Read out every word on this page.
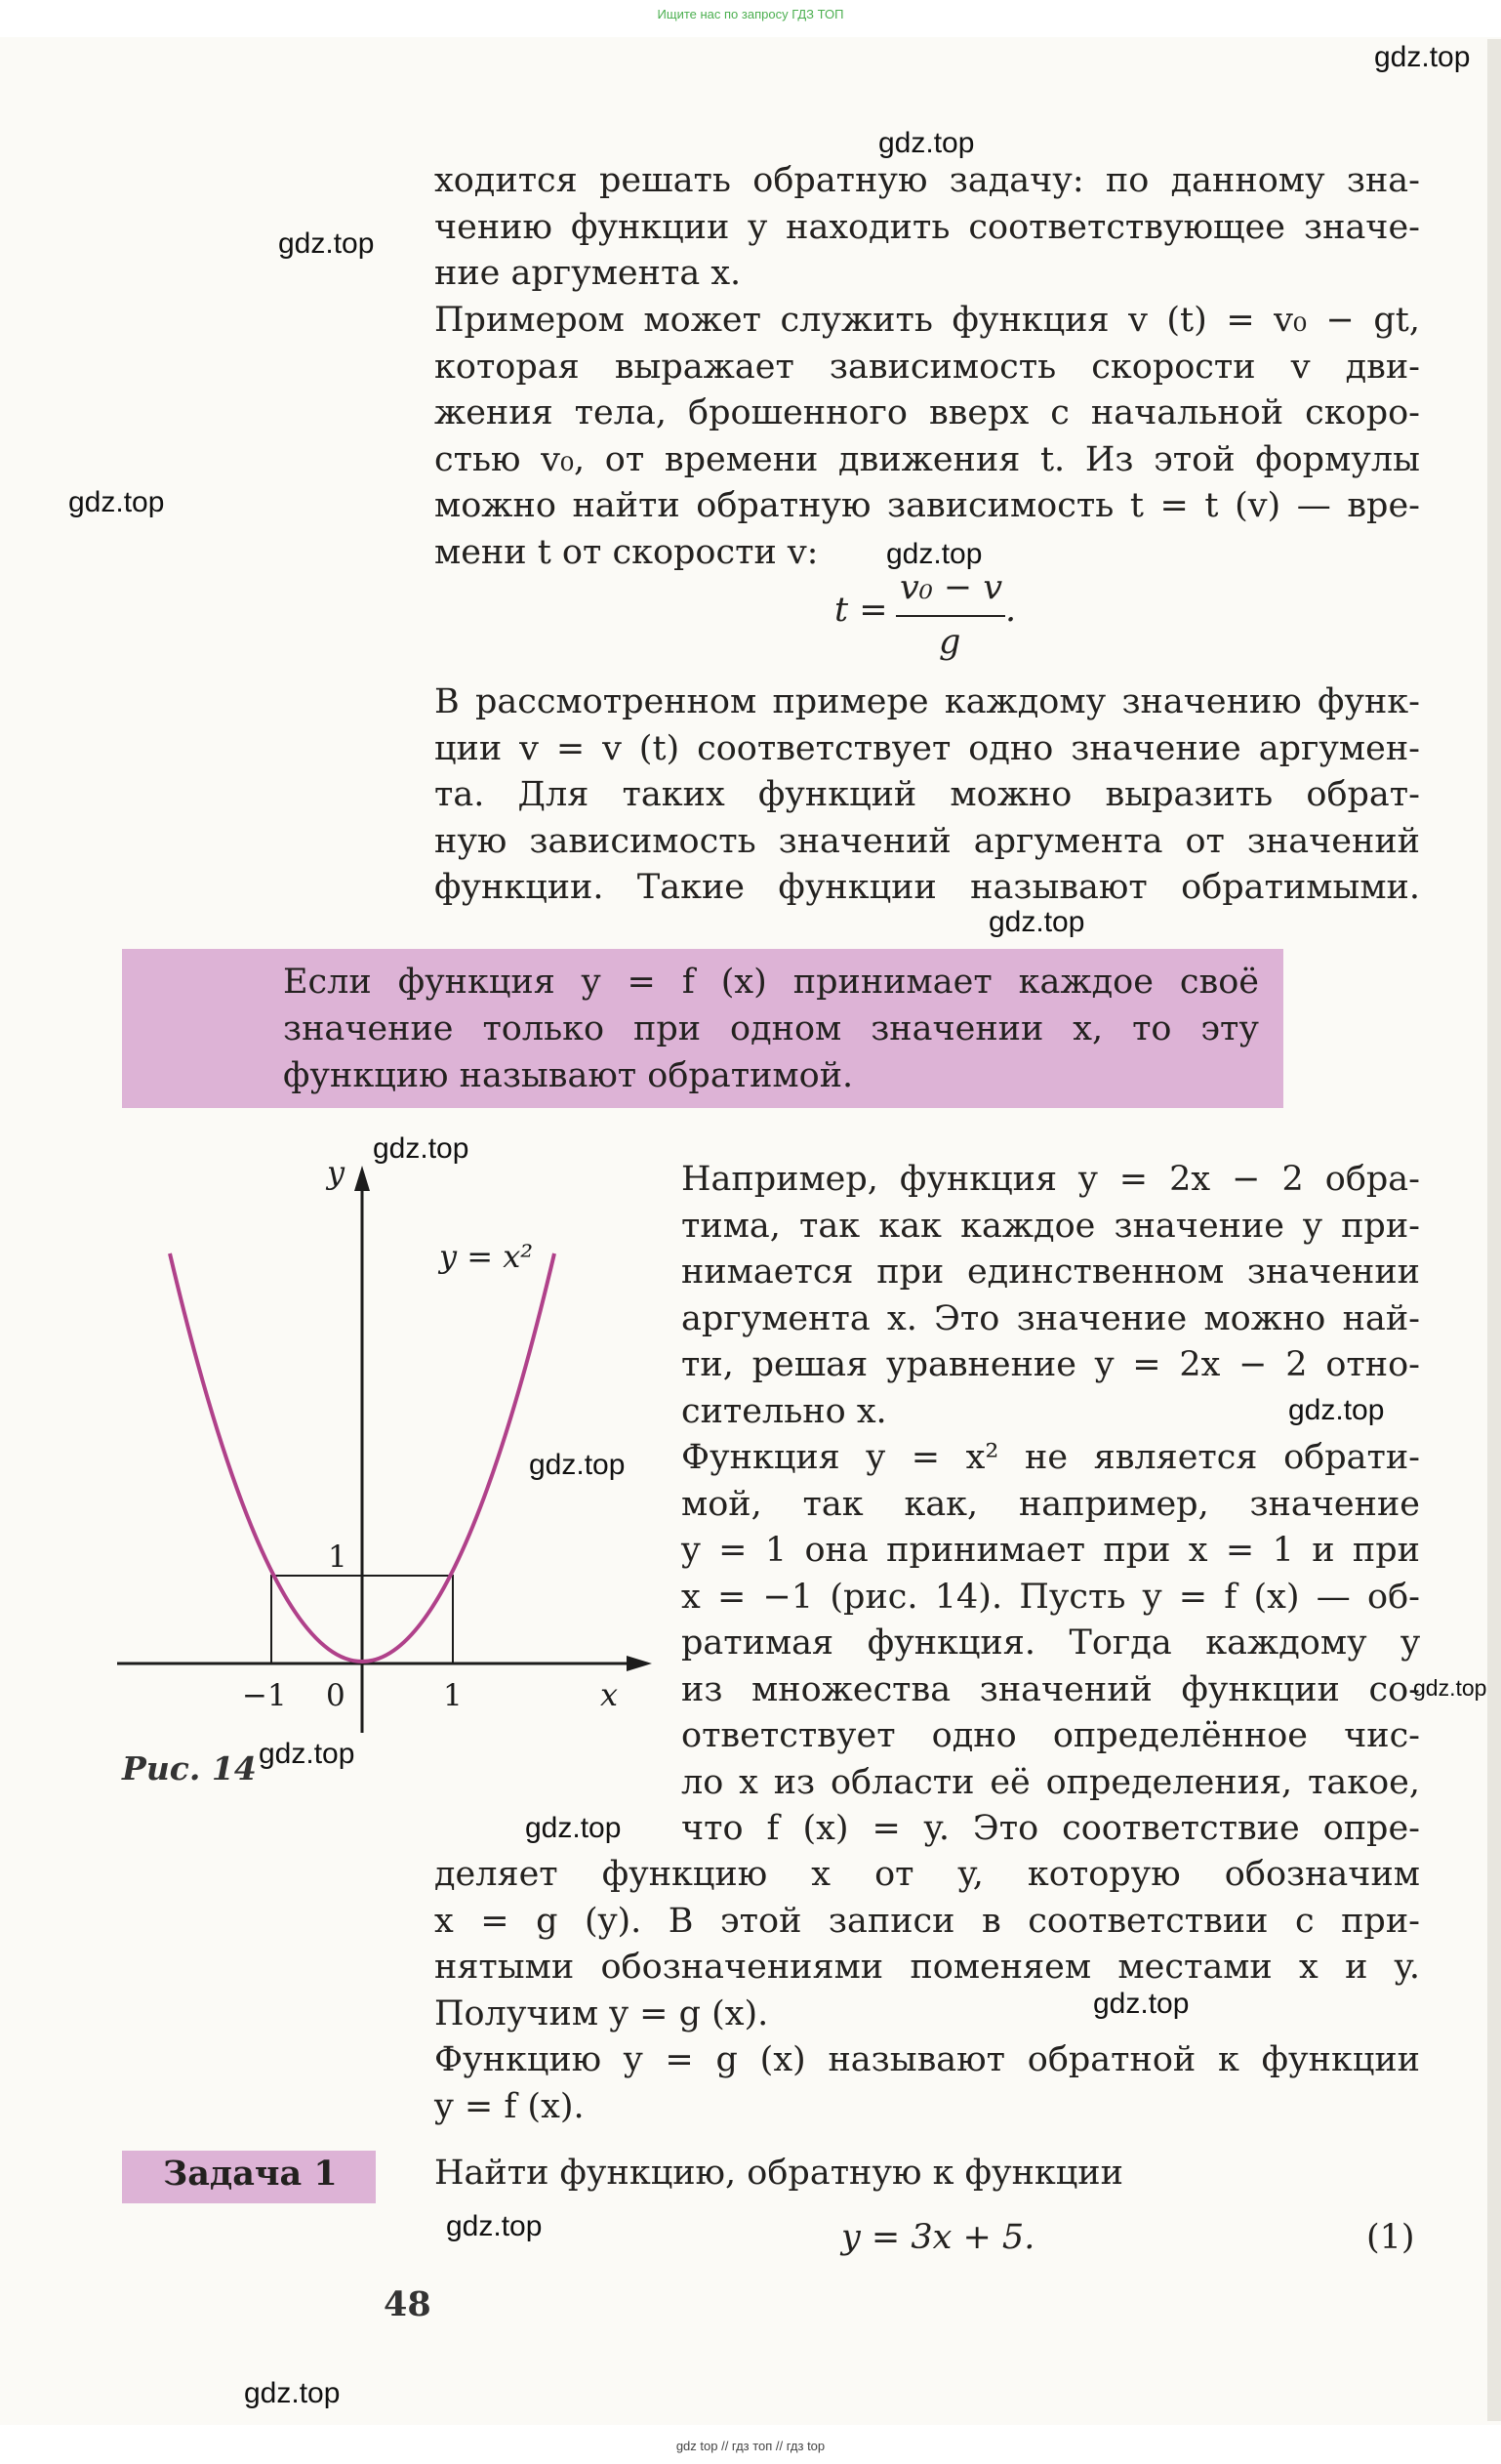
Ищите нас по запросу ГДЗ ТОП
gdz.top
gdz.top
gdz.top
gdz.top
gdz.top
gdz.top
gdz.top
gdz.top
gdz.top
gdz.top
gdz.top
gdz.top
gdz.top
gdz.top
gdz.top
ходится решать обратную задачу: по данному зна-
чению функции y находить соответствующее значе-
ние аргумента x.
Примером может служить функция v (t) = v₀ − gt,
которая выражает зависимость скорости v дви-
жения тела, брошенного вверх с начальной скоро-
стью v₀, от времени движения t. Из этой формулы
можно найти обратную зависимость t = t (v) — вре-
мени t от скорости v:
t =
v₀ − v
g
.
В рассмотренном примере каждому значению функ-
ции v = v (t) соответствует одно значение аргумен-
та. Для таких функций можно выразить обрат-
ную зависимость значений аргумента от значений
функции. Такие функции называют обратимыми.
Если функция y = f (x) принимает каждое своё
значение только при одном значении x, то эту
функцию называют обратимой.
Например, функция y = 2x − 2 обра-
тима, так как каждое значение y при-
нимается при единственном значении
аргумента x. Это значение можно най-
ти, решая уравнение y = 2x − 2 отно-
сительно x.
Функция y = x² не является обрати-
мой, так как, например, значение
y = 1 она принимает при x = 1 и при
x = −1 (рис. 14). Пусть y = f (x) — об-
ратимая функция. Тогда каждому y
из множества значений функции со-
ответствует одно определённое чис-
ло x из области её определения, такое,
что f (x) = y. Это соответствие опре-
деляет функцию x от y, которую обозначим
x = g (y). В этой записи в соответствии с при-
нятыми обозначениями поменяем местами x и y.
Получим y = g (x).
Функцию y = g (x) называют обратной к функции
y = f (x).
y
x
y = x²
1
0
−1	1
Рис. 14
Задача 1	Найти функцию, обратную к функции
y = 3x + 5.	(1)
48
gdz top // гдз топ // гдз top
